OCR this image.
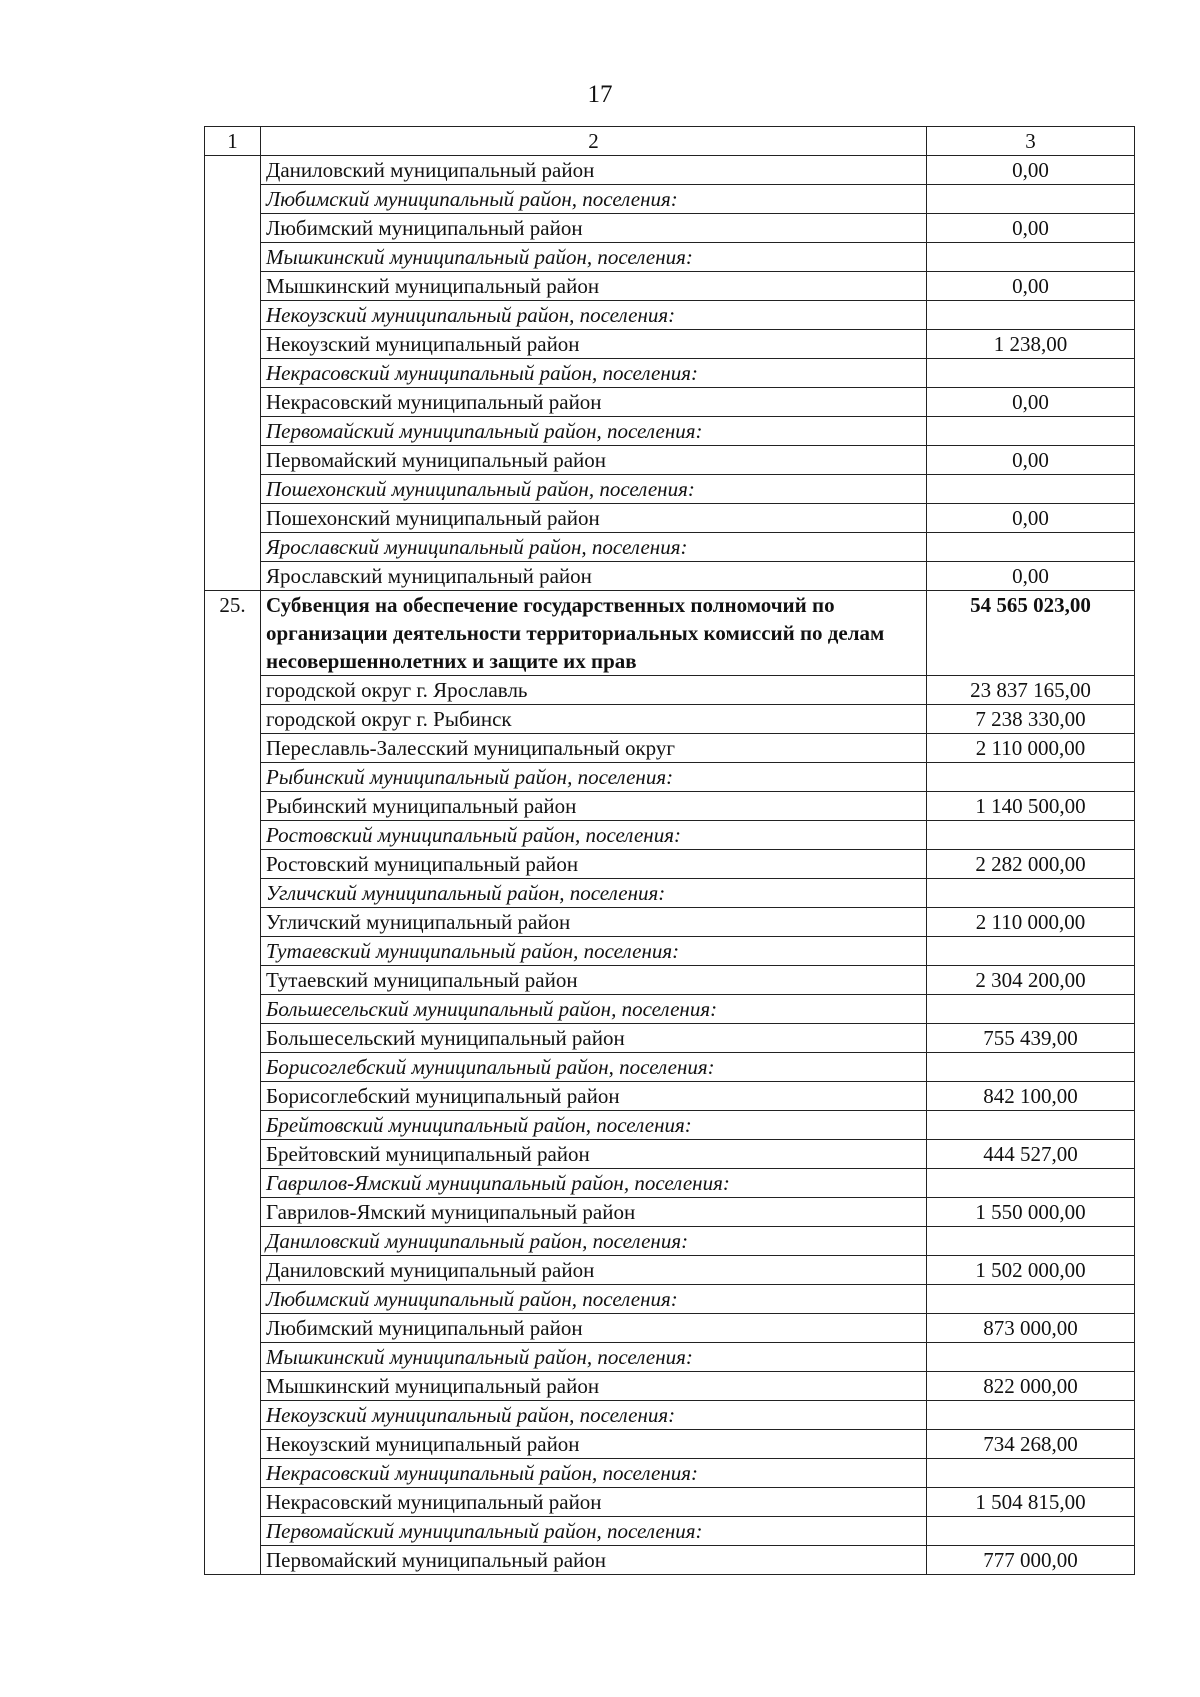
17
1	2	3
	Даниловский муниципальный район	0,00
	Любимский муниципальный район, поселения:	
	Любимский муниципальный район	0,00
	Мышкинский муниципальный район, поселения:	
	Мышкинский муниципальный район	0,00
	Некоузский муниципальный район, поселения:	
	Некоузский муниципальный район	1 238,00
	Некрасовский муниципальный район, поселения:	
	Некрасовский муниципальный район	0,00
	Первомайский муниципальный район, поселения:	
	Первомайский муниципальный район	0,00
	Пошехонский муниципальный район, поселения:	
	Пошехонский муниципальный район	0,00
	Ярославский муниципальный район, поселения:	
	Ярославский муниципальный район	0,00
25.	Субвенция на обеспечение государственных полномочий по организации деятельности территориальных комиссий по делам несовершеннолетних и защите их прав	54 565 023,00
	городской округ г. Ярославль	23 837 165,00
	городской округ г. Рыбинск	7 238 330,00
	Переславль-Залесский муниципальный округ	2 110 000,00
	Рыбинский муниципальный район, поселения:	
	Рыбинский муниципальный район	1 140 500,00
	Ростовский муниципальный район, поселения:	
	Ростовский муниципальный район	2 282 000,00
	Угличский муниципальный район, поселения:	
	Угличский муниципальный район	2 110 000,00
	Тутаевский муниципальный район, поселения:	
	Тутаевский муниципальный район	2 304 200,00
	Большесельский муниципальный район, поселения:	
	Большесельский муниципальный район	755 439,00
	Борисоглебский муниципальный район, поселения:	
	Борисоглебский муниципальный район	842 100,00
	Брейтовский муниципальный район, поселения:	
	Брейтовский муниципальный район	444 527,00
	Гаврилов-Ямский муниципальный район, поселения:	
	Гаврилов-Ямский муниципальный район	1 550 000,00
	Даниловский муниципальный район, поселения:	
	Даниловский муниципальный район	1 502 000,00
	Любимский муниципальный район, поселения:	
	Любимский муниципальный район	873 000,00
	Мышкинский муниципальный район, поселения:	
	Мышкинский муниципальный район	822 000,00
	Некоузский муниципальный район, поселения:	
	Некоузский муниципальный район	734 268,00
	Некрасовский муниципальный район, поселения:	
	Некрасовский муниципальный район	1 504 815,00
	Первомайский муниципальный район, поселения:	
	Первомайский муниципальный район	777 000,00
